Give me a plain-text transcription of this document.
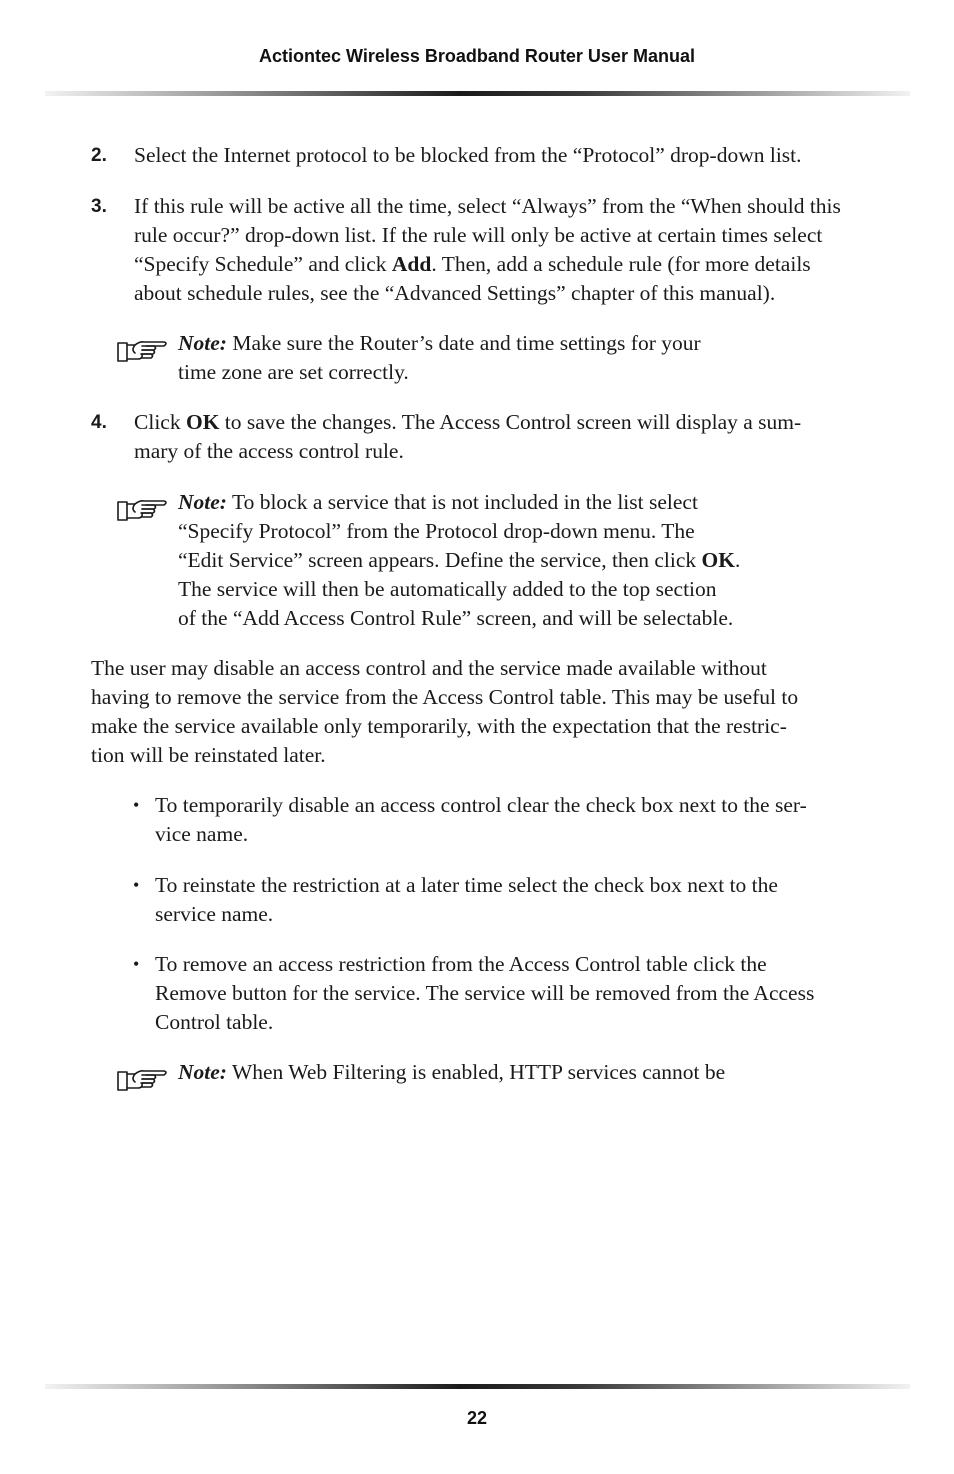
Actiontec Wireless Broadband Router User Manual
2. Select the Internet protocol to be blocked from the “Protocol” drop-down list.
3. If this rule will be active all the time, select “Always” from the “When should this
rule occur?” drop-down list. If the rule will only be active at certain times select
“Specify Schedule” and click Add. Then, add a schedule rule (for more details
about schedule rules, see the “Advanced Settings” chapter of this manual).
Note: Make sure the Router’s date and time settings for your
time zone are set correctly.
4. Click OK to save the changes. The Access Control screen will display a sum-
mary of the access control rule.
Note: To block a service that is not included in the list select
“Specify Protocol” from the Protocol drop-down menu. The
“Edit Service” screen appears. Define the service, then click OK.
The service will then be automatically added to the top section
of the “Add Access Control Rule” screen, and will be selectable.
The user may disable an access control and the service made available without
having to remove the service from the Access Control table. This may be useful to
make the service available only temporarily, with the expectation that the restric-
tion will be reinstated later.
• To temporarily disable an access control clear the check box next to the ser-
vice name.
• To reinstate the restriction at a later time select the check box next to the
service name.
• To remove an access restriction from the Access Control table click the
Remove button for the service. The service will be removed from the Access
Control table.
Note: When Web Filtering is enabled, HTTP services cannot be
22
